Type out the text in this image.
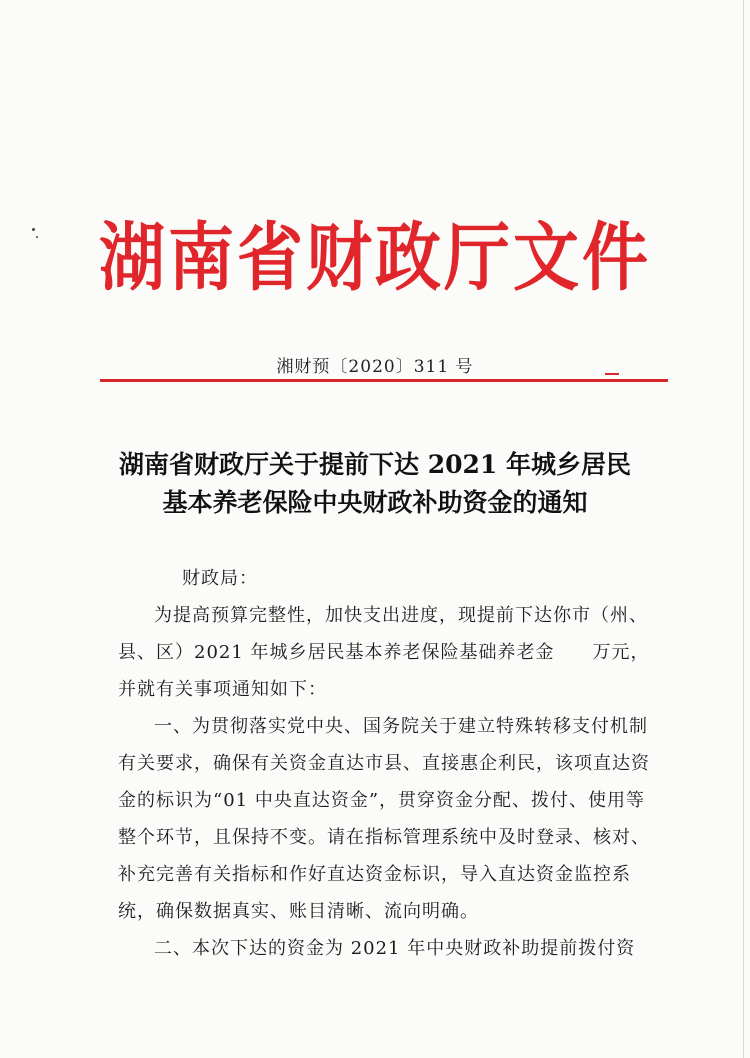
湖南省财政厅文件
湘财预〔2020〕311 号
湖南省财政厅关于提前下达 2021 年城乡居民
基本养老保险中央财政补助资金的通知

财政局：

为提高预算完整性，加快支出进度，现提前下达你市（州、县、区）2021 年城乡居民基本养老保险基础养老金　　万元，并就有关事项通知如下：

一、为贯彻落实党中央、国务院关于建立特殊转移支付机制有关要求，确保有关资金直达市县、直接惠企利民，该项直达资金的标识为“01 中央直达资金”，贯穿资金分配、拨付、使用等整个环节，且保持不变。请在指标管理系统中及时登录、核对、补充完善有关指标和作好直达资金标识，导入直达资金监控系统，确保数据真实、账目清晰、流向明确。

二、本次下达的资金为 2021 年中央财政补助提前拨付资
